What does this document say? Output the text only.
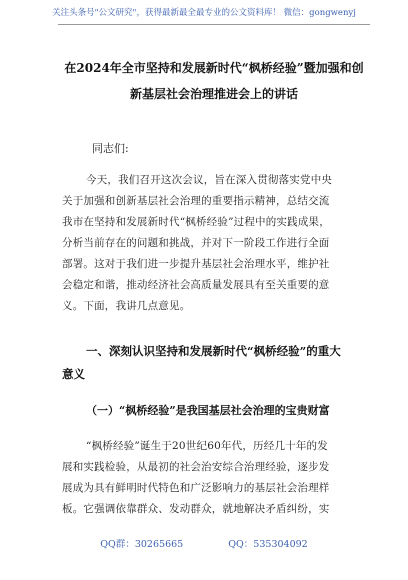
关注头条号"公文研究"，获得最新最全最专业的公文资料库！ 微信：gongwenyj
在2024年全市坚持和发展新时代“枫桥经验”暨加强和创
新基层社会治理推进会上的讲话
同志们:
今天，我们召开这次会议，旨在深入贯彻落实党中央
关于加强和创新基层社会治理的重要指示精神，总结交流
我市在坚持和发展新时代“枫桥经验”过程中的实践成果，
分析当前存在的问题和挑战，并对下一阶段工作进行全面
部署。这对于我们进一步提升基层社会治理水平，维护社
会稳定和谐，推动经济社会高质量发展具有至关重要的意
义。下面，我讲几点意见。
一、深刻认识坚持和发展新时代“枫桥经验”的重大
意义
（一）“枫桥经验”是我国基层社会治理的宝贵财富
“枫桥经验”诞生于20世纪60年代，历经几十年的发
展和实践检验，从最初的社会治安综合治理经验，逐步发
展成为具有鲜明时代特色和广泛影响力的基层社会治理样
板。它强调依靠群众、发动群众，就地解决矛盾纠纷，实
QQ群：30265665	QQ：535304092
